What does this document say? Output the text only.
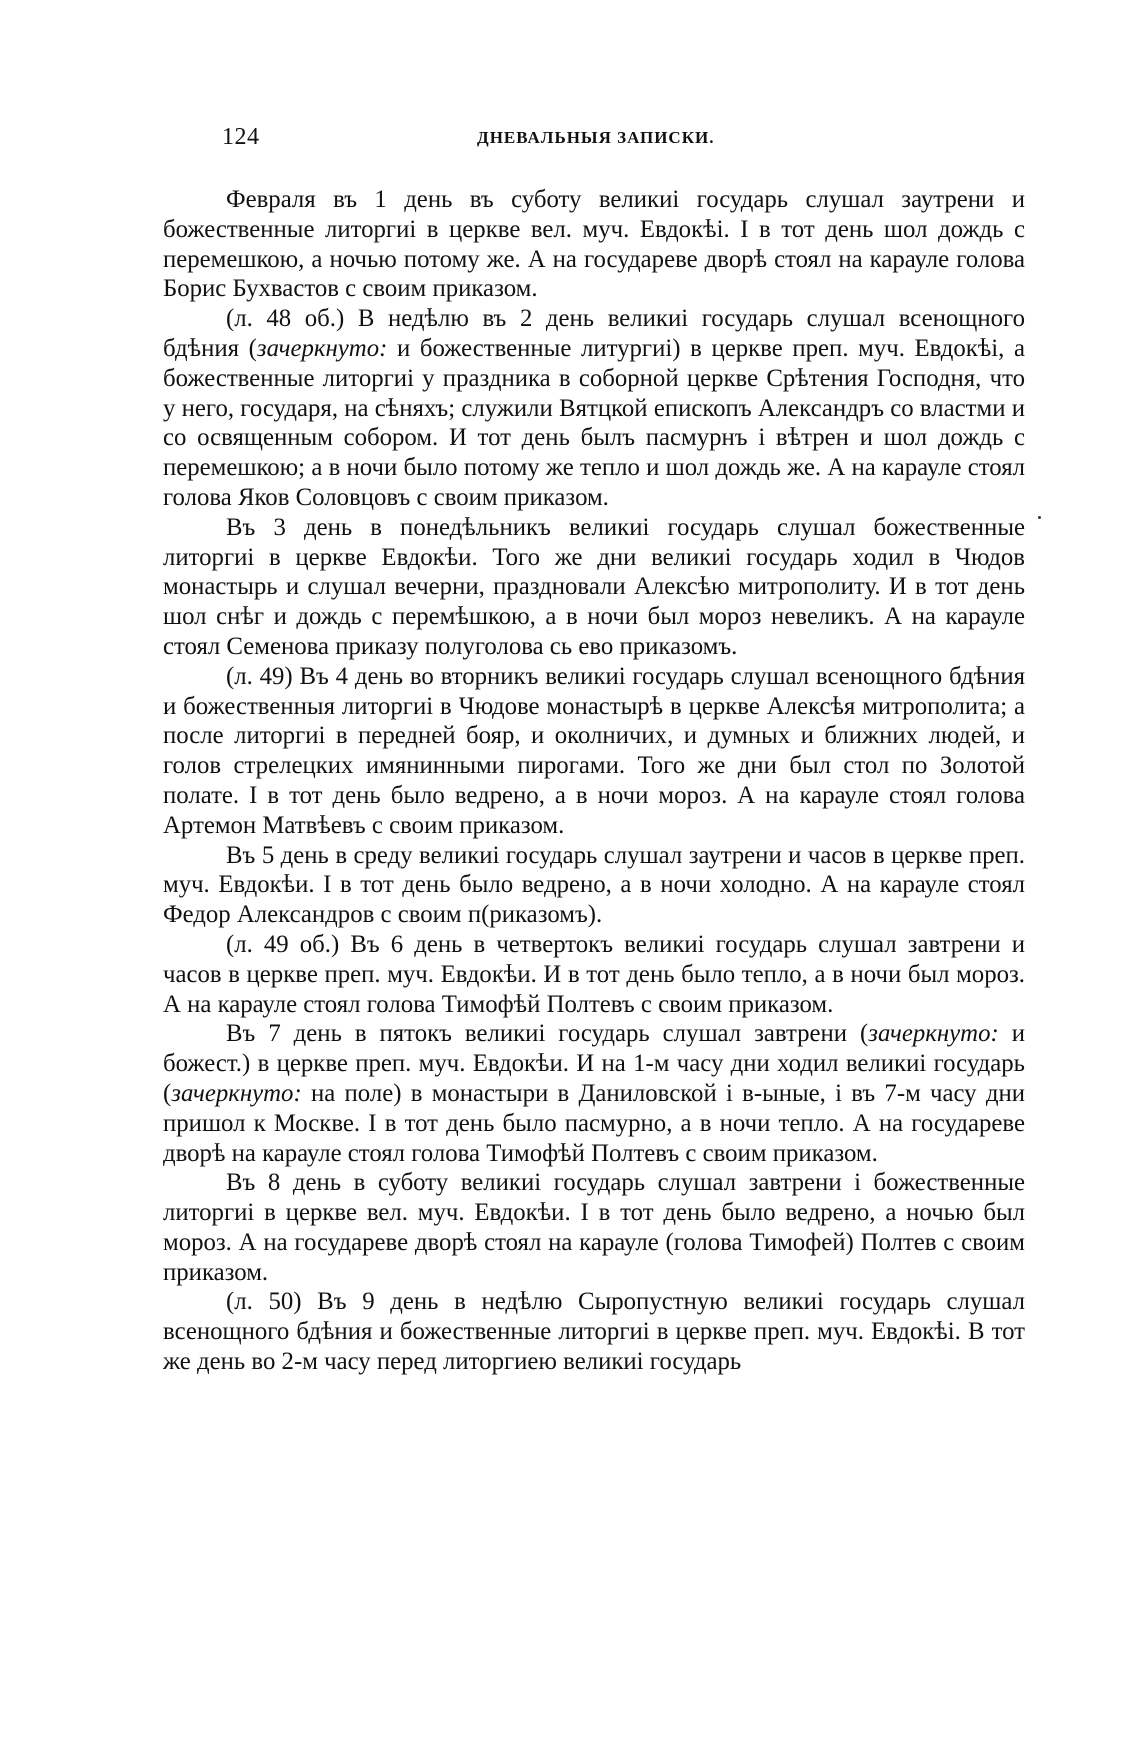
124	ДНЕВАЛЬНЫЯ ЗАПИСКИ.

Февраля въ 1 день въ суботу великиі государь слушал заутрени и божественные литоргиі в церкве вел. муч. Евдокѣі. І в тот день шол дождь с перемешкою, а ночью потому же. А на государеве дворѣ стоял на карауле голова Борис Бухвастов с своим приказом.

(л. 48 об.) В недѣлю въ 2 день великиі государь слушал всенощного бдѣния (зачеркнуто: и божественные литургиі) в церкве преп. муч. Евдокѣі, а божественные литоргиі у праздника в соборной церкве Срѣтения Господня, что у него, государя, на сѣняхъ; служили Вятцкой епископъ Александръ со властми и со освященным собором. И тот день былъ пасмурнъ і вѣтрен и шол дождь с перемешкою; а в ночи было потому же тепло и шол дождь же. А на карауле стоял голова Яков Соловцовъ с своим приказом.

Въ 3 день в понедѣльникъ великиі государь слушал божественные литоргиі в церкве Евдокѣи. Того же дни великиі государь ходил в Чюдов монастырь и слушал вечерни, праздновали Алексѣю митрополиту. И в тот день шол снѣг и дождь с перемѣшкою, а в ночи был мороз невеликъ. А на карауле стоял Семенова приказу полуголова сь ево приказомъ.

(л. 49) Въ 4 день во вторникъ великиі государь слушал всенощного бдѣния и божественныя литоргиі в Чюдове монастырѣ в церкве Алексѣя митрополита; а после литоргиі в передней бояр, и околничих, и думных и ближних людей, и голов стрелецких имянинными пирогами. Того же дни был стол по Золотой полате. І в тот день было ведрено, а в ночи мороз. А на карауле стоял голова Артемон Матвѣевъ с своим приказом.

Въ 5 день в среду великиі государь слушал заутрени и часов в церкве преп. муч. Евдокѣи. І в тот день было ведрено, а в ночи холодно. А на карауле стоял Федор Александров с своим п(риказомъ).

(л. 49 об.) Въ 6 день в четвертокъ великиі государь слушал завтрени и часов в церкве преп. муч. Евдокѣи. И в тот день было тепло, а в ночи был мороз. А на карауле стоял голова Тимофѣй Полтевъ с своим приказом.

Въ 7 день в пятокъ великиі государь слушал завтрени (зачеркнуто: и божест.) в церкве преп. муч. Евдокѣи. И на 1-м часу дни ходил великиі государь (зачеркнуто: на поле) в монастыри в Даниловской і в-ыные, і въ 7-м часу дни пришол к Москве. І в тот день было пасмурно, а в ночи тепло. А на государеве дворѣ на карауле стоял голова Тимофѣй Полтевъ с своим приказом.

Въ 8 день в суботу великиі государь слушал завтрени і божественные литоргиі в церкве вел. муч. Евдокѣи. І в тот день было ведрено, а ночью был мороз. А на государеве дворѣ стоял на карауле (голова Тимофей) Полтев с своим приказом.

(л. 50) Въ 9 день в недѣлю Сыропустную великиі государь слушал всенощного бдѣния и божественные литоргиі в церкве преп. муч. Евдокѣі. В тот же день во 2-м часу перед литоргиею великиі государь
